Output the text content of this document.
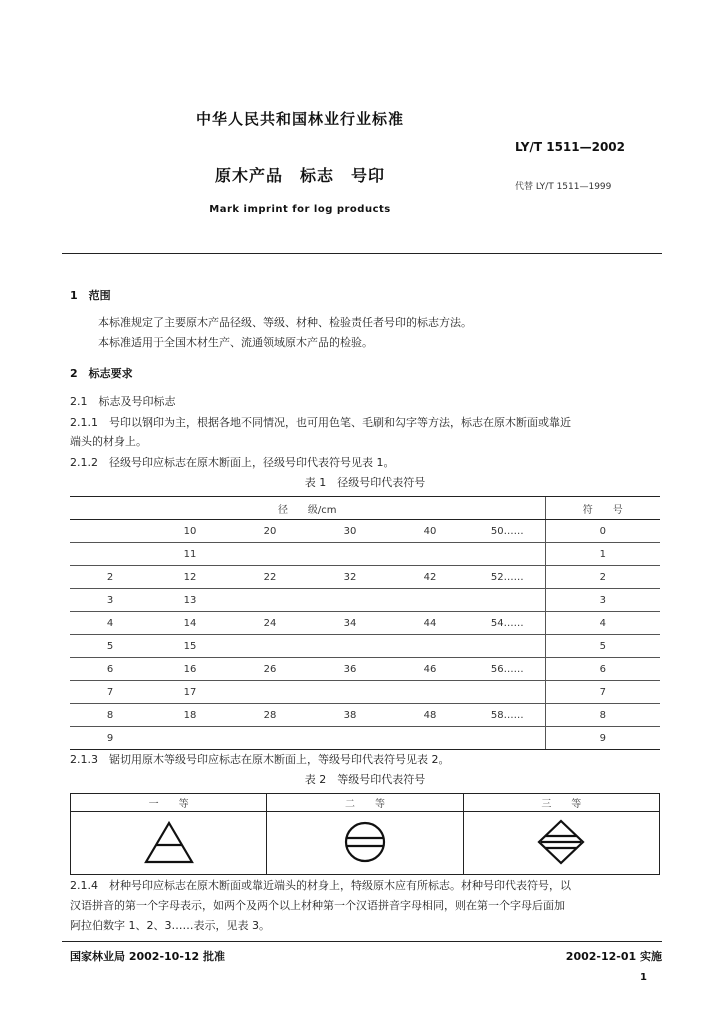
中华人民共和国林业行业标准
LY/T 1511—2002
原木产品　标志　号印
代替 LY/T 1511—1999
Mark imprint for log products
1　范围
本标准规定了主要原木产品径级、等级、材种、检验责任者号印的标志方法。
本标准适用于全国木材生产、流通领域原木产品的检验。
2　标志要求
2.1　标志及号印标志
2.1.1　号印以钢印为主，根据各地不同情况，也可用色笔、毛刷和勾字等方法，标志在原木断面或靠近
端头的材身上。
2.1.2　径级号印应标志在原木断面上，径级号印代表符号见表 1。
表 1　径级号印代表符号
径　　级/cm						符　　号
	10	20	30	40	50……	0
	11					1
2	12	22	32	42	52……	2
3	13					3
4	14	24	34	44	54……	4
5	15					5
6	16	26	36	46	56……	6
7	17					7
8	18	28	38	48	58……	8
9						9
2.1.3　锯切用原木等级号印应标志在原木断面上，等级号印代表符号见表 2。
表 2　等级号印代表符号
一　　等	二　　等	三　　等

2.1.4　材种号印应标志在原木断面或靠近端头的材身上，特级原木应有所标志。材种号印代表符号，以
汉语拼音的第一个字母表示，如两个及两个以上材种第一个汉语拼音字母相同，则在第一个字母后面加
阿拉伯数字 1、2、3……表示，见表 3。
国家林业局 2002-10-12 批准	2002-12-01 实施
1
